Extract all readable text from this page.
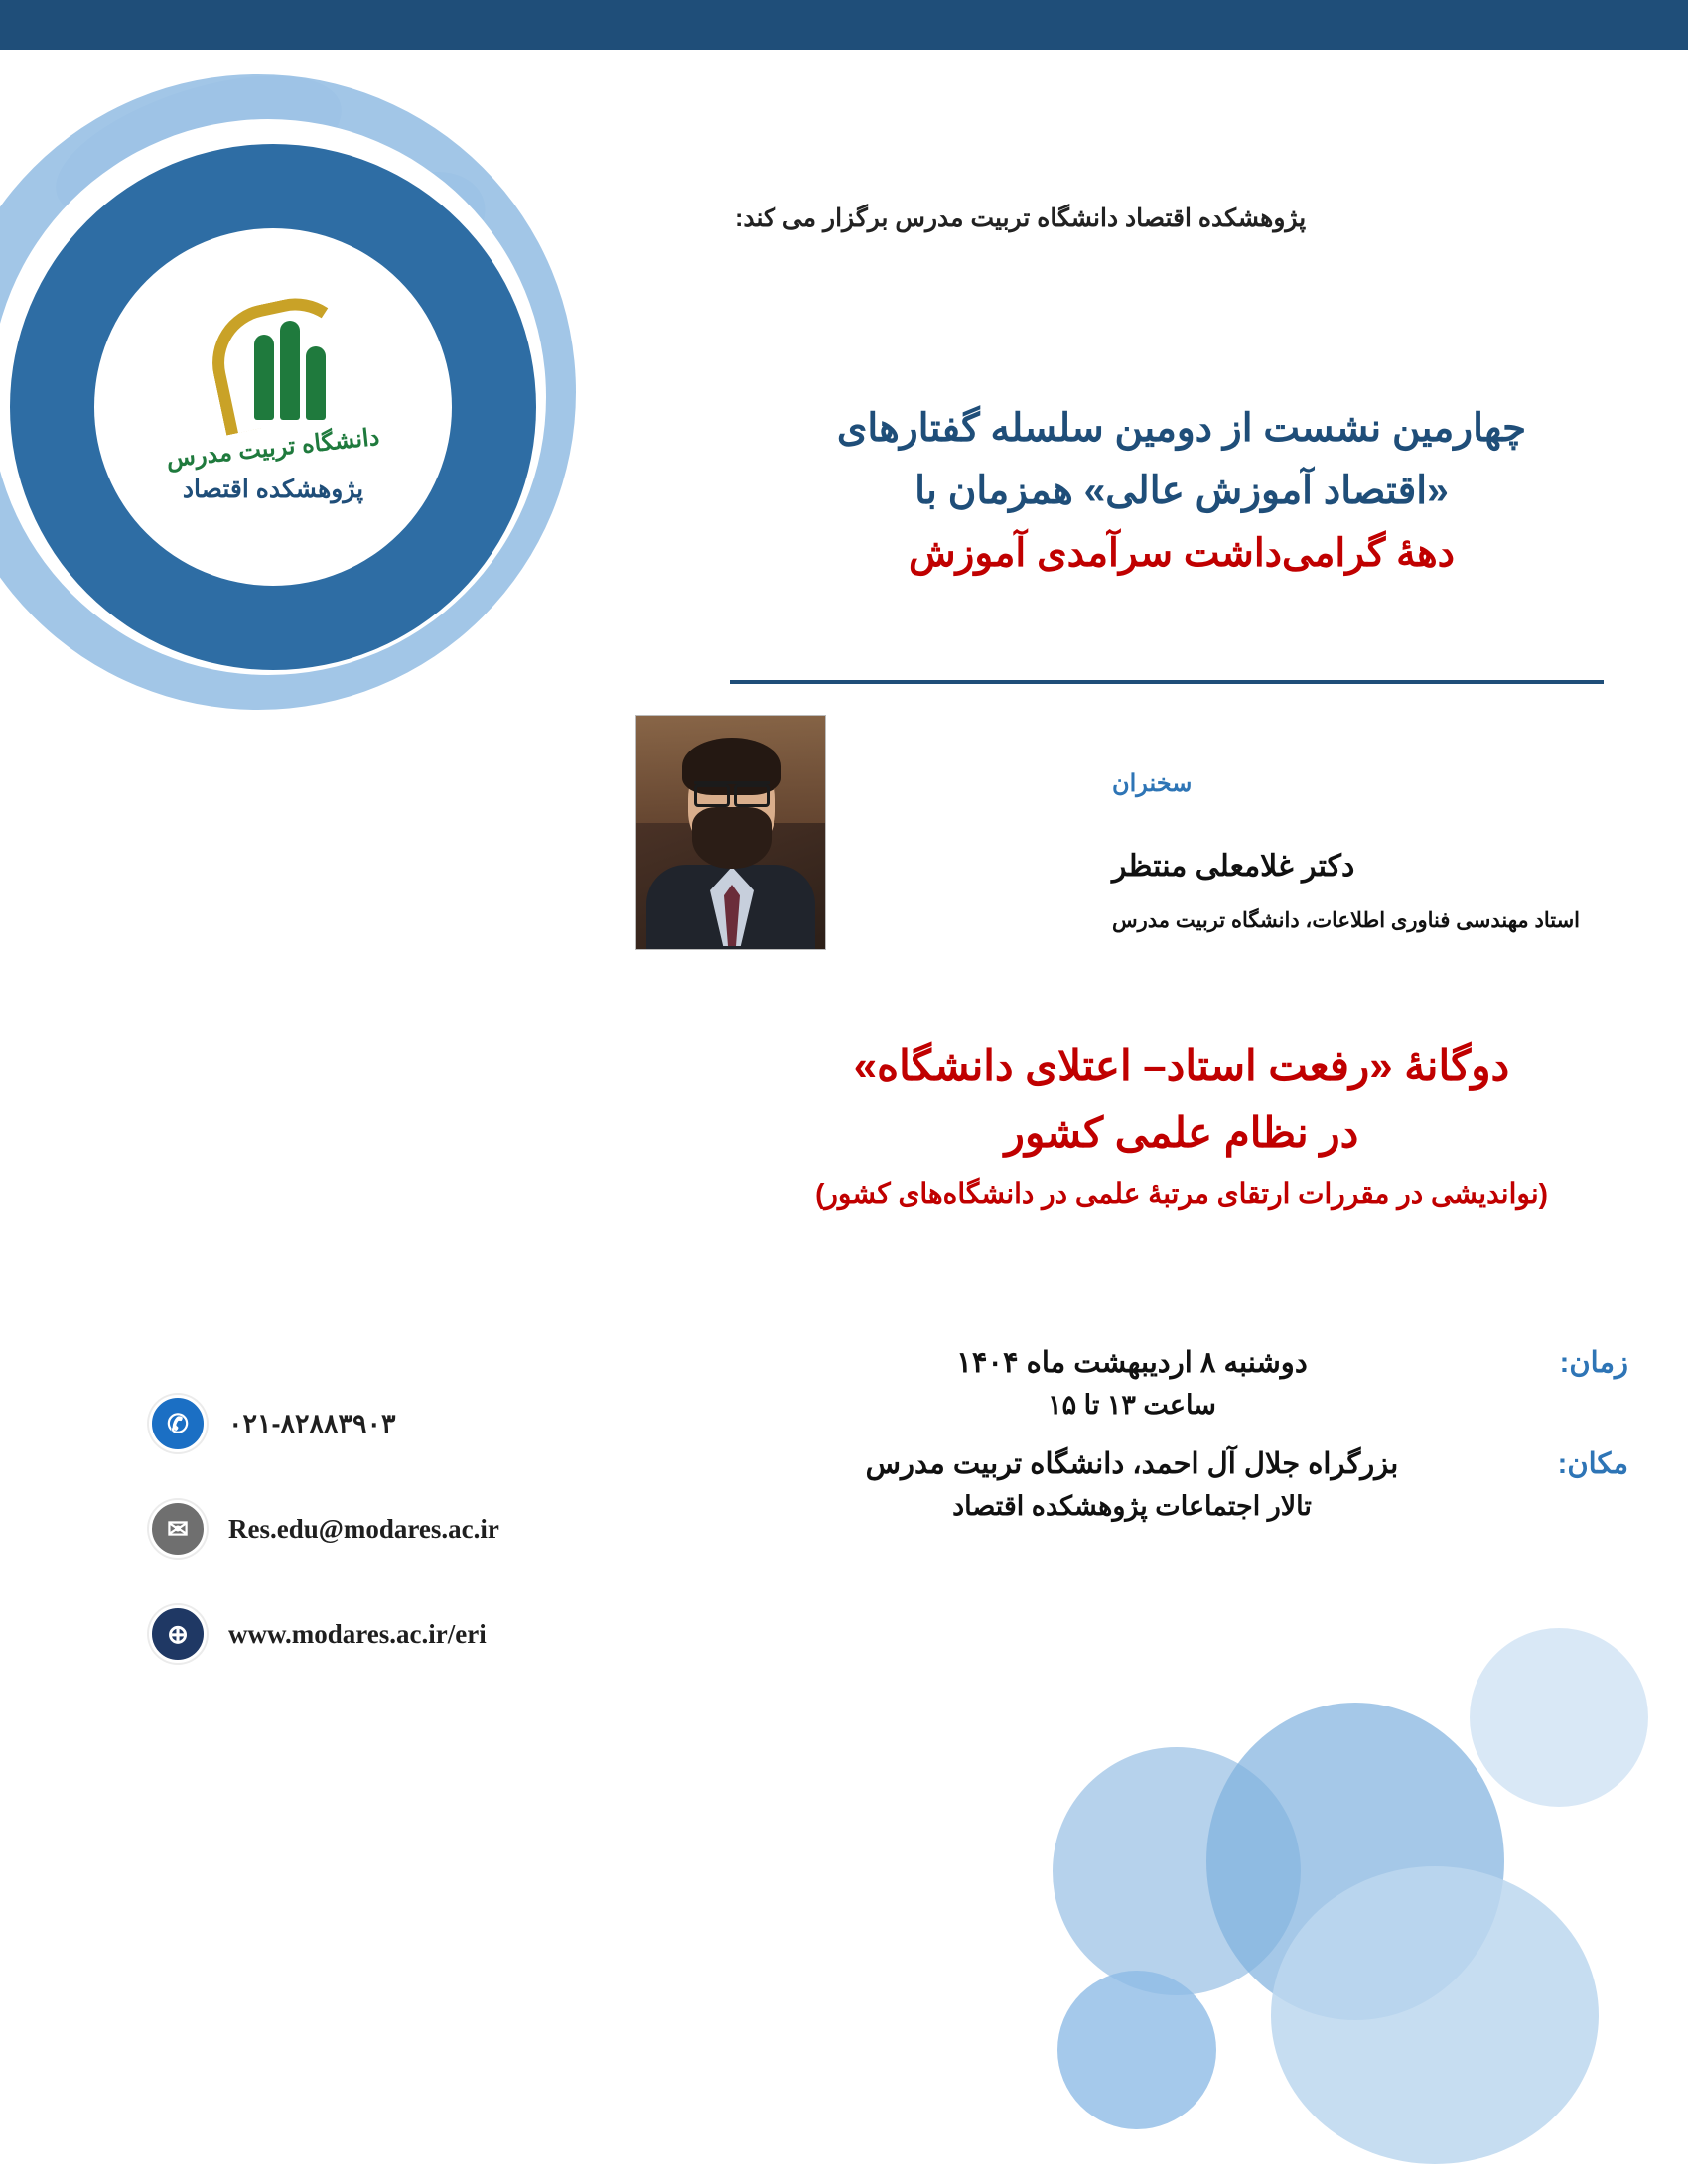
دانشگاه تربیت مدرس
پژوهشکده اقتصاد
پژوهشکده اقتصاد دانشگاه تربیت مدرس برگزار می کند:
چهارمین نشست از دومین سلسله گفتارهای
«اقتصاد آموزش عالی» همزمان با
دههٔ گرامی‌داشت سرآمدی آموزش
سخنران
دکتر غلامعلی منتظر
استاد مهندسی فناوری اطلاعات، دانشگاه تربیت مدرس
دوگانهٔ «رفعت استاد– اعتلای دانشگاه»
در نظام علمی کشور
(نواندیشی در مقررات ارتقای مرتبهٔ علمی در دانشگاه‌های کشور)
زمان:
دوشنبه ۸ اردیبهشت ماه ۱۴۰۴
ساعت ۱۳ تا ۱۵
مکان:
بزرگراه جلال آل احمد، دانشگاه تربیت مدرس
تالار اجتماعات پژوهشکده اقتصاد
✆	۰۲۱-۸۲۸۸۳۹۰۳
✉	Res.edu@modares.ac.ir
⊕	www.modares.ac.ir/eri
